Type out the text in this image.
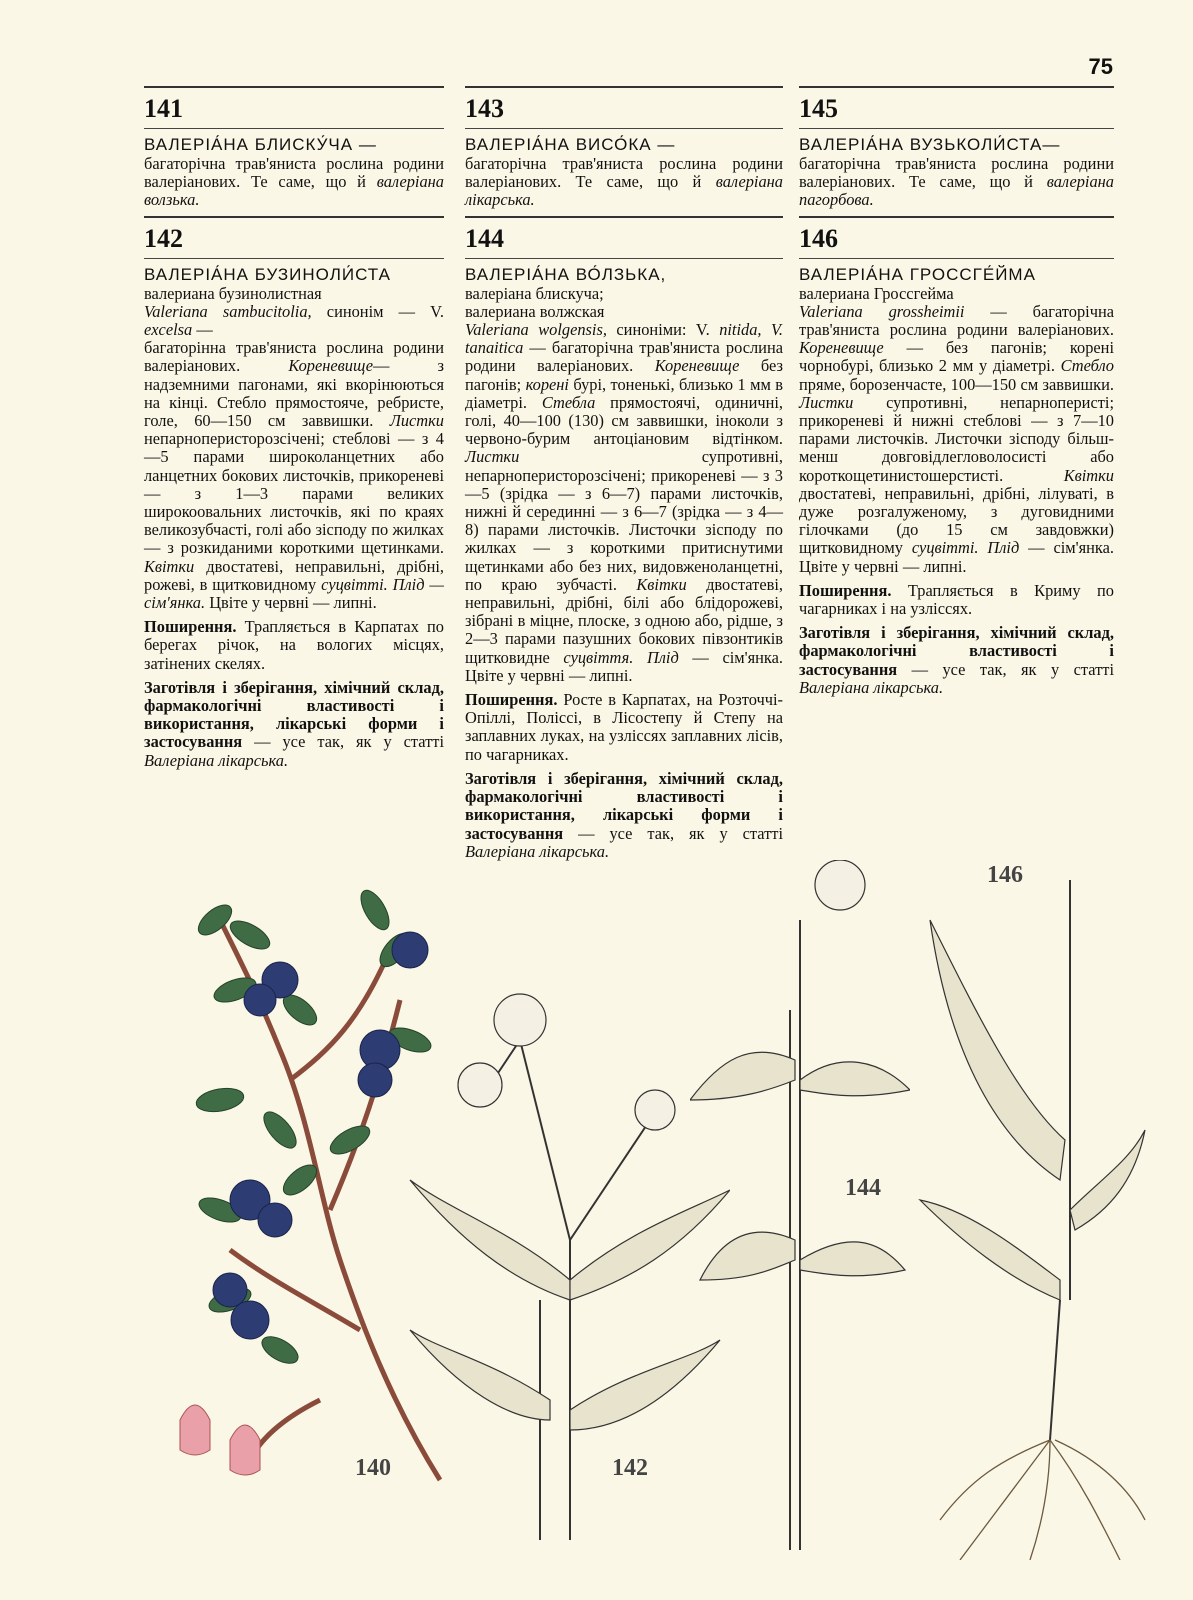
75
141
ВАЛЕРІА́НА БЛИСКУ́ЧА —
багаторічна трав'яниста рослина родини валеріанових. Те саме, що й валеріана волзька.
142
ВАЛЕРІА́НА БУЗИНОЛИ́СТА
валериана бузинолистная
Valeriana sambucitolia, синонім — V. excelsa —
багаторінна трав'яниста рослина родини валеріанових. Кореневище— з надземними пагонами, які вкорінюються на кінці. Стебло прямостояче, ребристе, голе, 60—150 см заввишки. Листки непарноперисторозсічені; стеблові — з 4—5 парами широколанцетних або ланцетних бокових листочків, прикореневі — з 1—3 парами великих широкоовальних листочків, які по краях великозубчасті, голі або зісподу по жилках — з розкиданими короткими щетинками. Квітки двостатеві, неправильні, дрібні, рожеві, в щитковидному суцвітті. Плід — сім'янка. Цвіте у червні — липні.
Поширення. Трапляється в Карпатах по берегах річок, на вологих місцях, затінених скелях.
Заготівля і зберігання, хімічний склад, фармакологічні властивості і використання, лікарські форми і застосування — усе так, як у статті Валеріана лікарська.
143
ВАЛЕРІА́НА ВИСО́КА —
багаторічна трав'яниста рослина родини валеріанових. Те саме, що й валеріана лікарська.
144
ВАЛЕРІА́НА ВО́ЛЗЬКА,
валеріана блискуча;
валериана волжская
Valeriana wolgensis, синоніми: V. nitida, V. tanaitica — багаторічна трав'яниста рослина родини валеріанових. Кореневище без пагонів; корені бурі, тоненькі, близько 1 мм в діаметрі. Стебла прямостоячі, одиничні, голі, 40—100 (130) см заввишки, іноколи з червоно-бурим антоціановим відтінком. Листки супротивні, непарноперисторозсічені; прикореневі — з 3—5 (зрідка — з 6—7) парами листочків, нижні й серединні — з 6—7 (зрідка — з 4—8) парами листочків. Листочки зісподу по жилках — з короткими притиснутими щетинками або без них, видовженоланцетні, по краю зубчасті. Квітки двостатеві, неправильні, дрібні, білі або блідорожеві, зібрані в міцне, плоске, з одною або, рідше, з 2—3 парами пазушних бокових півзонтиків щитковидне суцвіття. Плід — сім'янка. Цвіте у червні — липні.
Поширення. Росте в Карпатах, на Розточчі-Опіллі, Поліссі, в Лісостепу й Степу на заплавних луках, на узліссях заплавних лісів, по чагарниках.
Заготівля і зберігання, хімічний склад, фармакологічні властивості і використання, лікарські форми і застосування — усе так, як у статті Валеріана лікарська.
145
ВАЛЕРІА́НА ВУЗЬКОЛИ́СТА—
багаторічна трав'яниста рослина родини валеріанових. Те саме, що й валеріана пагорбова.
146
ВАЛЕРІА́НА ГРОССГЕ́ЙМА
валериана Гроссгейма
Valeriana grossheimii — багаторічна трав'яниста рослина родини валеріанових. Кореневище — без пагонів; корені чорнобурі, близько 2 мм у діаметрі. Стебло пряме, борозенчасте, 100—150 см заввишки. Листки супротивні, непарноперисті; прикореневі й нижні стеблові — з 7—10 парами листочків. Листочки зісподу більш-менш довговідлегловолосисті або короткощетинистошерстисті. Квітки двостатеві, неправильні, дрібні, лілуваті, в дуже розгалуженому, з дуговидними гілочками (до 15 см завдовжки) щитковидному суцвітті. Плід — сім'янка. Цвіте у червні — липні.
Поширення. Трапляється в Криму по чагарниках і на узліссях.
Заготівля і зберігання, хімічний склад, фармакологічні властивості і застосування — усе так, як у статті Валеріана лікарська.
140	142
144
146
